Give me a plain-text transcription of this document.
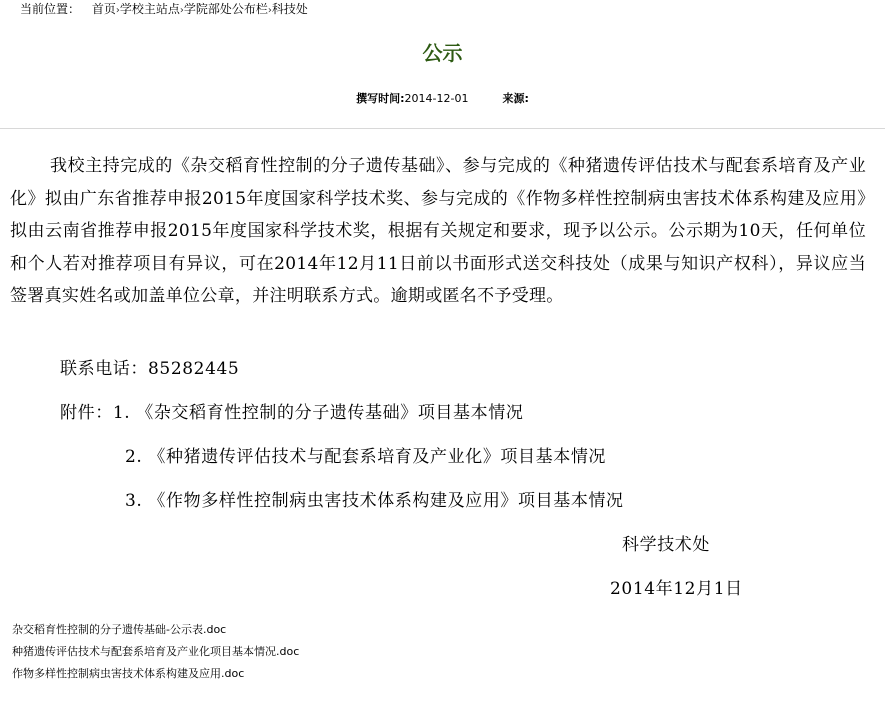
当前位置： 首页›学校主站点›学院部处公布栏›科技处
公示
撰写时间:2014-12-01	来源:

我校主持完成的《杂交稻育性控制的分子遗传基础》、参与完成的《种猪遗传评估技术与配套系培育及产业化》拟由广东省推荐申报2015年度国家科学技术奖、参与完成的《作物多样性控制病虫害技术体系构建及应用》拟由云南省推荐申报2015年度国家科学技术奖，根据有关规定和要求，现予以公示。公示期为10天，任何单位和个人若对推荐项目有异议，可在2014年12月11日前以书面形式送交科技处（成果与知识产权科），异议应当签署真实姓名或加盖单位公章，并注明联系方式。逾期或匿名不予受理。

联系电话：85282445
附件：1. 《杂交稻育性控制的分子遗传基础》项目基本情况
2. 《种猪遗传评估技术与配套系培育及产业化》项目基本情况
3. 《作物多样性控制病虫害技术体系构建及应用》项目基本情况
科学技术处
2014年12月1日
杂交稻育性控制的分子遗传基础-公示表.doc
种猪遗传评估技术与配套系培育及产业化项目基本情况.doc
作物多样性控制病虫害技术体系构建及应用.doc
